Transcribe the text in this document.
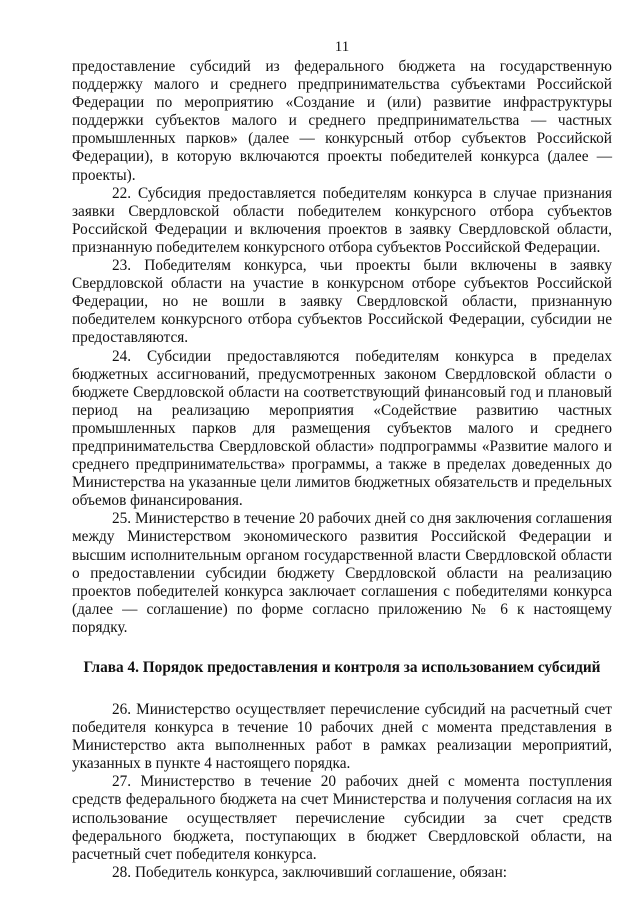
11

предоставление субсидий из федерального бюджета на государственную поддержку малого и среднего предпринимательства субъектами Российской Федерации по мероприятию «Создание и (или) развитие инфраструктуры поддержки субъектов малого и среднего предпринимательства — частных промышленных парков» (далее — конкурсный отбор субъектов Российской Федерации), в которую включаются проекты победителей конкурса (далее — проекты).

22. Субсидия предоставляется победителям конкурса в случае признания заявки Свердловской области победителем конкурсного отбора субъектов Российской Федерации и включения проектов в заявку Свердловской области, признанную победителем конкурсного отбора субъектов Российской Федерации.

23. Победителям конкурса, чьи проекты были включены в заявку Свердловской области на участие в конкурсном отборе субъектов Российской Федерации, но не вошли в заявку Свердловской области, признанную победителем конкурсного отбора субъектов Российской Федерации, субсидии не предоставляются.

24. Субсидии предоставляются победителям конкурса в пределах бюджетных ассигнований, предусмотренных законом Свердловской области о бюджете Свердловской области на соответствующий финансовый год и плановый период на реализацию мероприятия «Содействие развитию частных промышленных парков для размещения субъектов малого и среднего предпринимательства Свердловской области» подпрограммы «Развитие малого и среднего предпринимательства» программы, а также в пределах доведенных до Министерства на указанные цели лимитов бюджетных обязательств и предельных объемов финансирования.

25. Министерство в течение 20 рабочих дней со дня заключения соглашения между Министерством экономического развития Российской Федерации и высшим исполнительным органом государственной власти Свердловской области о предоставлении субсидии бюджету Свердловской области на реализацию проектов победителей конкурса заключает соглашения с победителями конкурса (далее — соглашение) по форме согласно приложению № 6 к настоящему порядку.

Глава 4. Порядок предоставления и контроля за использованием субсидий

26. Министерство осуществляет перечисление субсидий на расчетный счет победителя конкурса в течение 10 рабочих дней с момента представления в Министерство акта выполненных работ в рамках реализации мероприятий, указанных в пункте 4 настоящего порядка.

27. Министерство в течение 20 рабочих дней с момента поступления средств федерального бюджета на счет Министерства и получения согласия на их использование осуществляет перечисление субсидии за счет средств федерального бюджета, поступающих в бюджет Свердловской области, на расчетный счет победителя конкурса.

28. Победитель конкурса, заключивший соглашение, обязан:
